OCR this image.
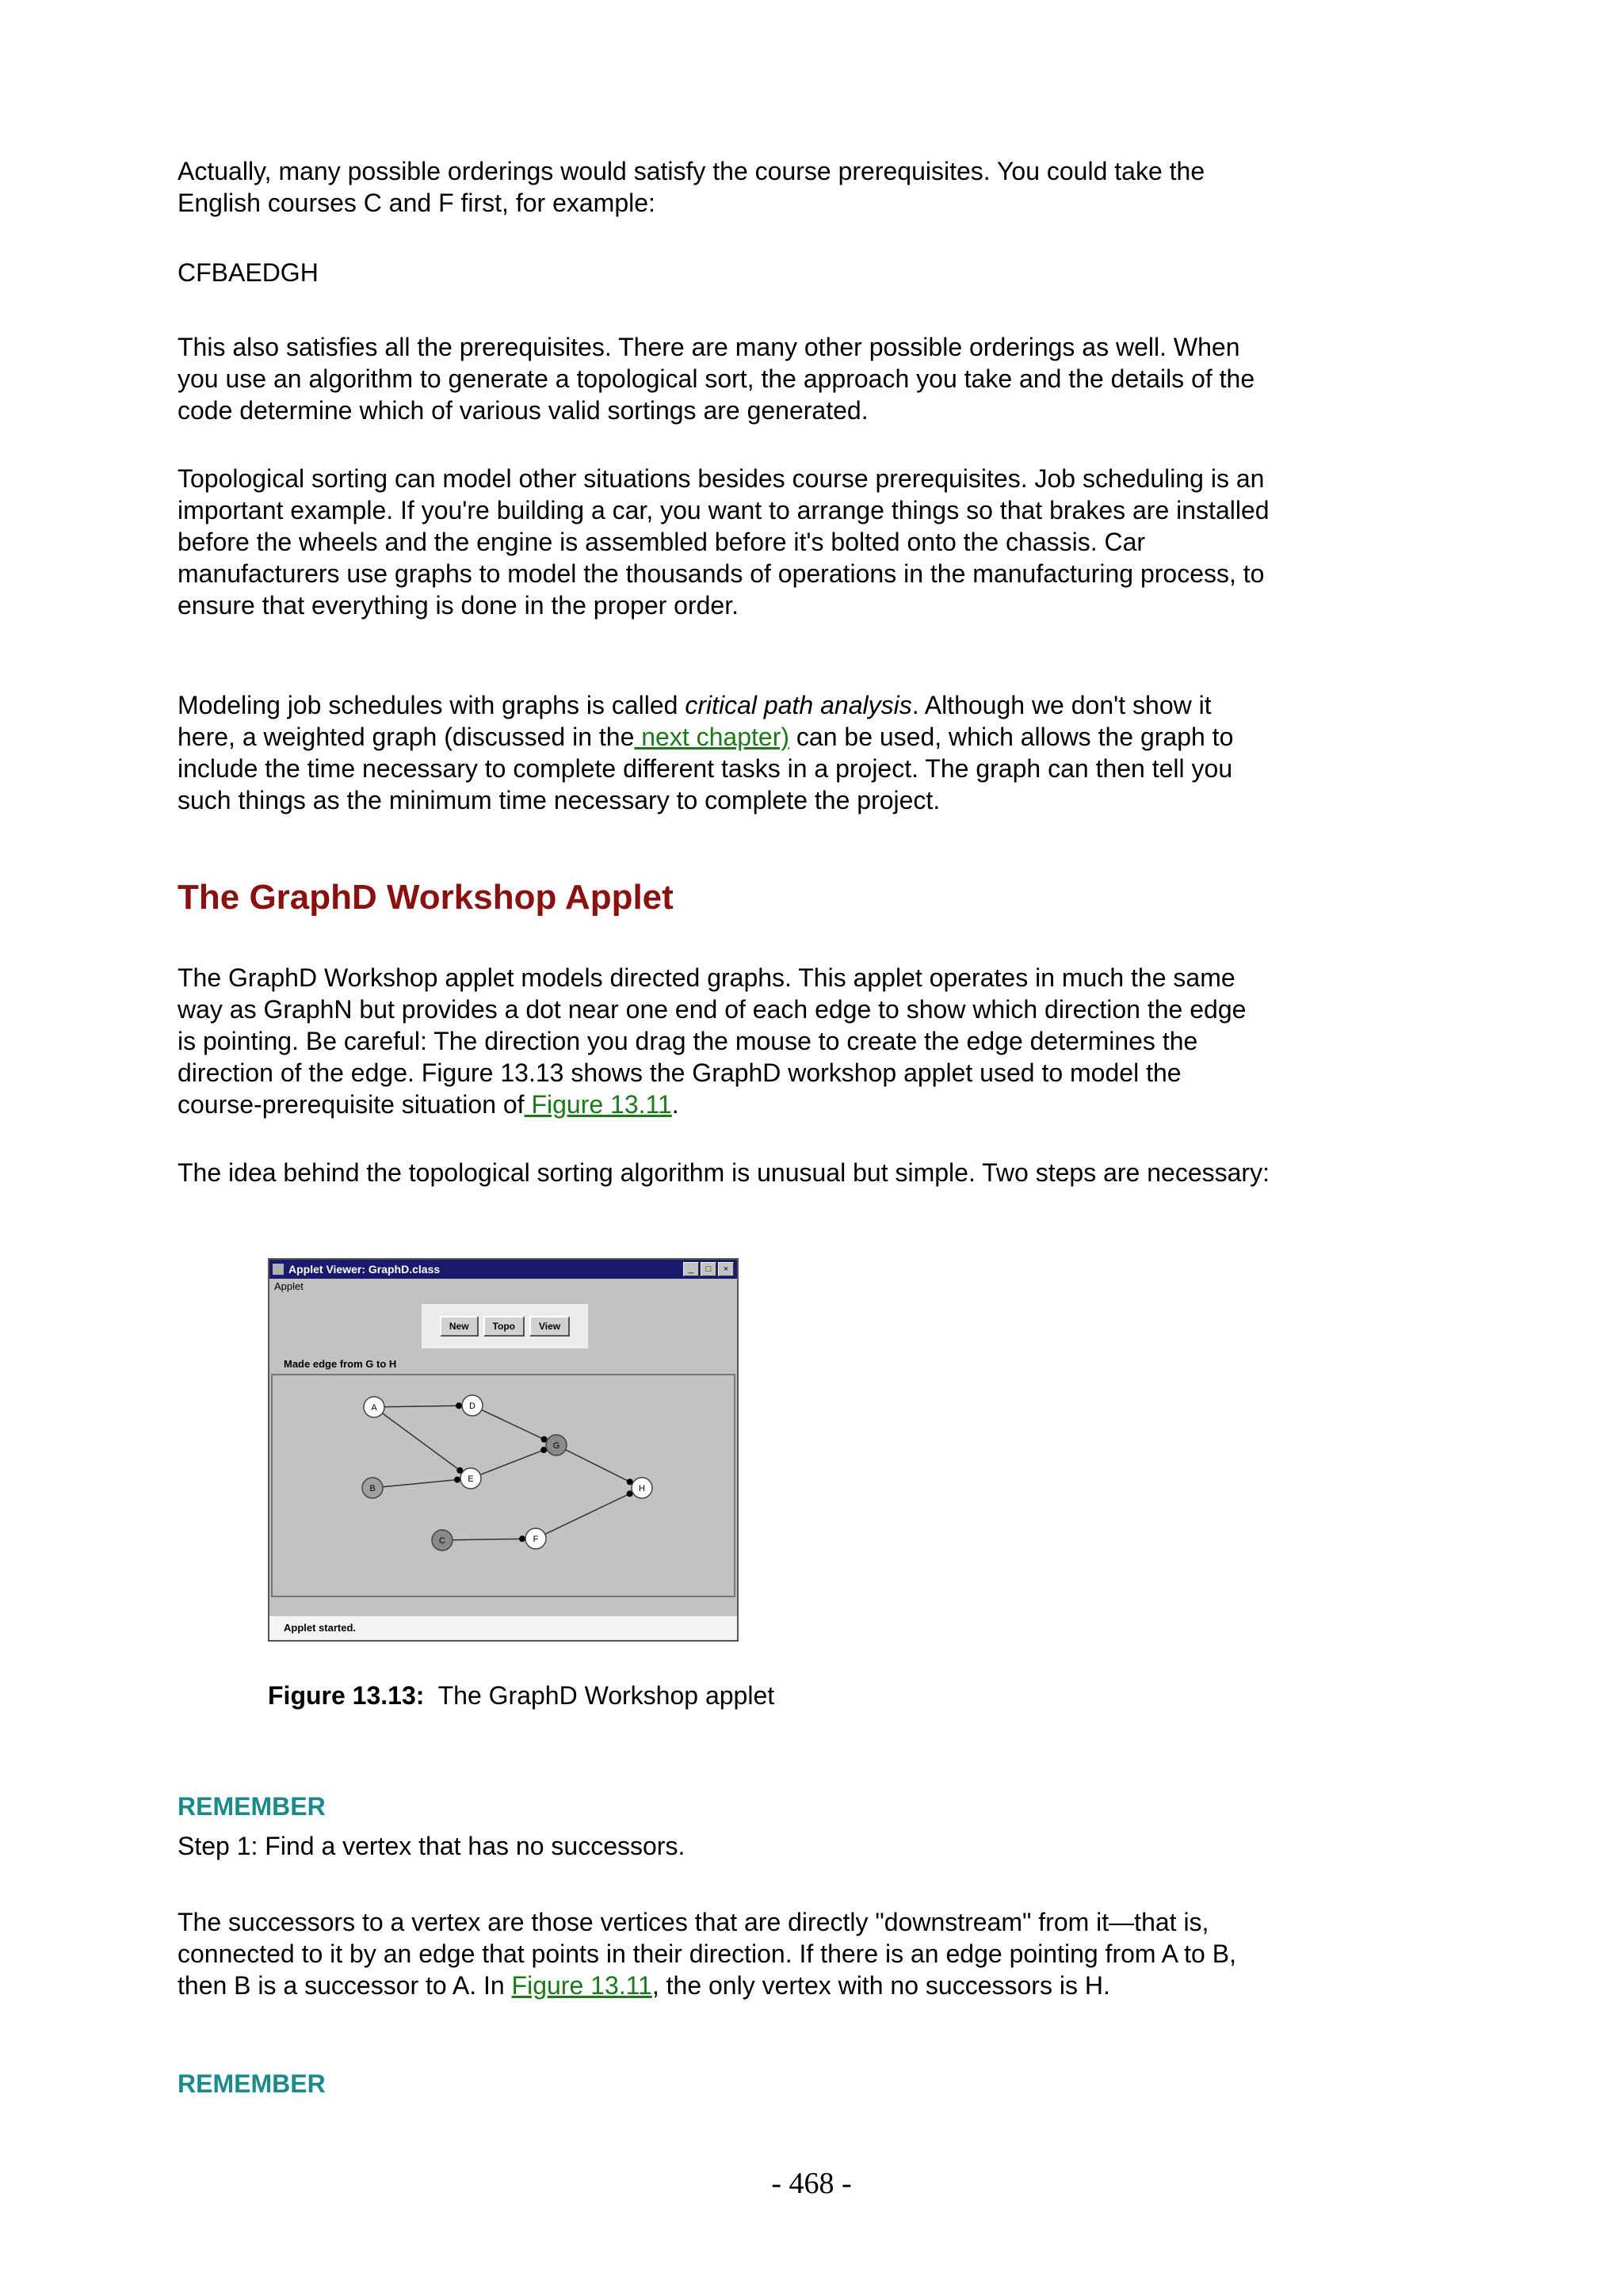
Actually, many possible orderings would satisfy the course prerequisites. You could take the English courses C and F first, for example:

CFBAEDGH

This also satisfies all the prerequisites. There are many other possible orderings as well. When you use an algorithm to generate a topological sort, the approach you take and the details of the code determine which of various valid sortings are generated.

Topological sorting can model other situations besides course prerequisites. Job scheduling is an important example. If you're building a car, you want to arrange things so that brakes are installed before the wheels and the engine is assembled before it's bolted onto the chassis. Car manufacturers use graphs to model the thousands of operations in the manufacturing process, to ensure that everything is done in the proper order.

Modeling job schedules with graphs is called critical path analysis. Although we don't show it here, a weighted graph (discussed in the next chapter) can be used, which allows the graph to include the time necessary to complete different tasks in a project. The graph can then tell you such things as the minimum time necessary to complete the project.

The GraphD Workshop Applet

The GraphD Workshop applet models directed graphs. This applet operates in much the same way as GraphN but provides a dot near one end of each edge to show which direction the edge is pointing. Be careful: The direction you drag the mouse to create the edge determines the direction of the edge. Figure 13.13 shows the GraphD workshop applet used to model the course-prerequisite situation of Figure 13.11.

The idea behind the topological sorting algorithm is unusual but simple. Two steps are necessary:

Applet Viewer: GraphD.class	_	□	×
Applet
New	Topo	View
Made edge from G to H
A	D
G
B
E
H
C	F
Applet started.
Figure 13.13: The GraphD Workshop applet

REMEMBER

Step 1: Find a vertex that has no successors.

The successors to a vertex are those vertices that are directly "downstream" from it—that is, connected to it by an edge that points in their direction. If there is an edge pointing from A to B, then B is a successor to A. In Figure 13.11, the only vertex with no successors is H.

REMEMBER

- 468 -
